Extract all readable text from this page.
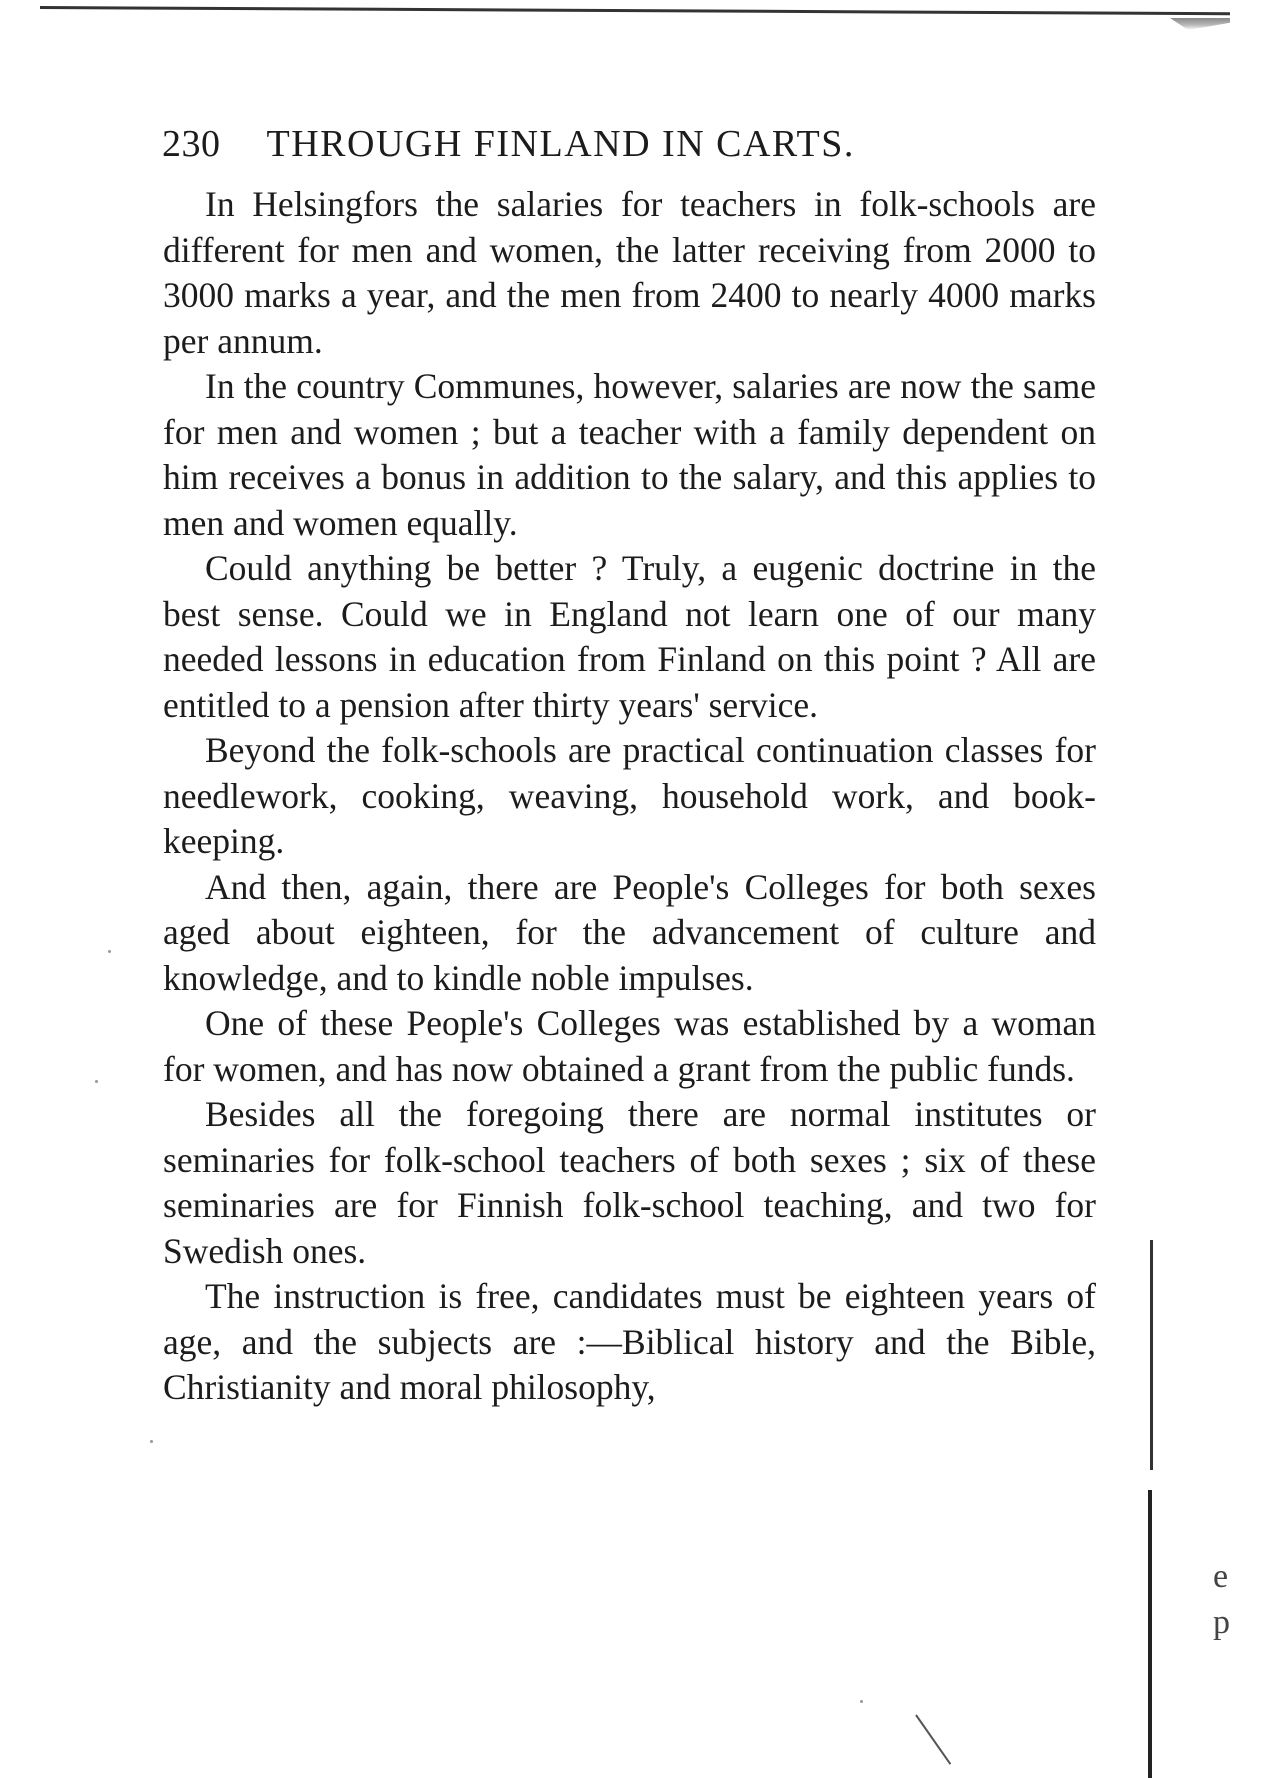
230 THROUGH FINLAND IN CARTS.

In Helsingfors the salaries for teachers in folk-schools are different for men and women, the latter receiving from 2000 to 3000 marks a year, and the men from 2400 to nearly 4000 marks per annum.

In the country Communes, however, salaries are now the same for men and women ; but a teacher with a family dependent on him receives a bonus in addition to the salary, and this applies to men and women equally.

Could anything be better ? Truly, a eugenic doctrine in the best sense. Could we in England not learn one of our many needed lessons in education from Finland on this point ? All are entitled to a pension after thirty years' service.

Beyond the folk-schools are practical continuation classes for needlework, cooking, weaving, household work, and book-keeping.

And then, again, there are People's Colleges for both sexes aged about eighteen, for the advancement of culture and knowledge, and to kindle noble impulses.

One of these People's Colleges was established by a woman for women, and has now obtained a grant from the public funds.

Besides all the foregoing there are normal institutes or seminaries for folk-school teachers of both sexes ; six of these seminaries are for Finnish folk-school teaching, and two for Swedish ones.

The instruction is free, candidates must be eighteen years of age, and the subjects are :—Biblical history and the Bible, Christianity and moral philosophy,

e
p
